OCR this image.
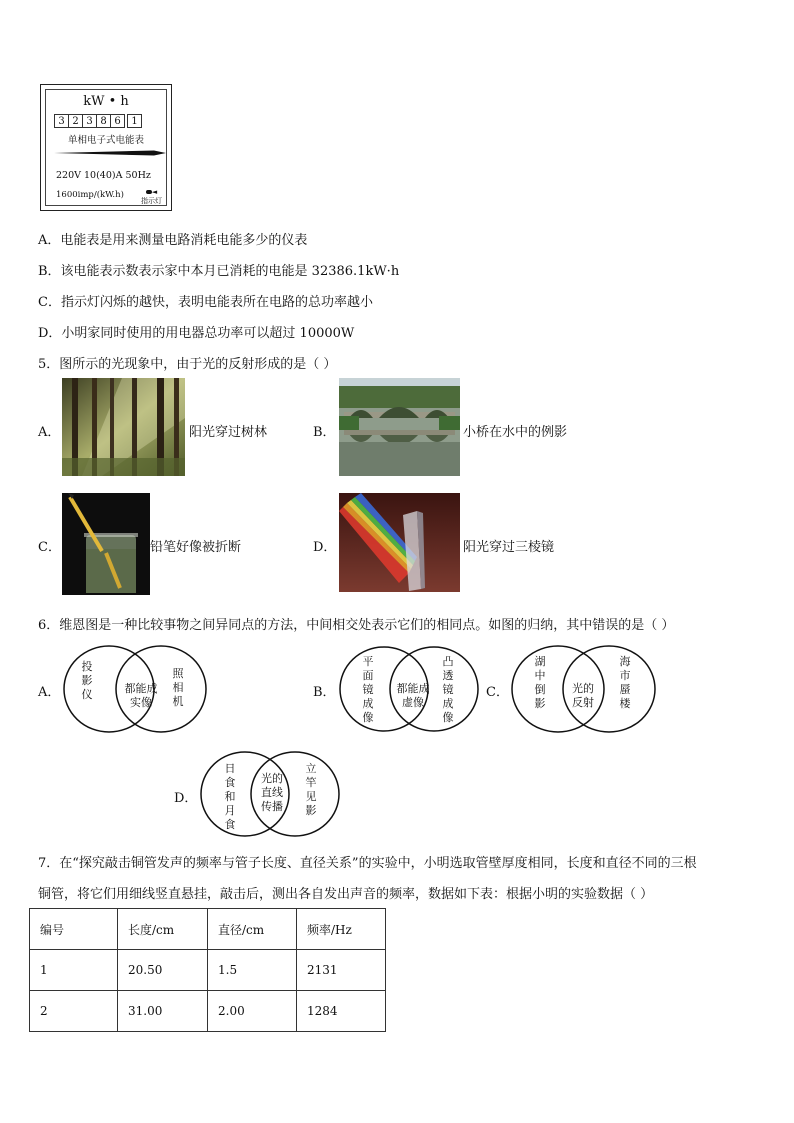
kW • h
3 2 3 8 6	1
单相电子式电能表
220V 10(40)A 50Hz
1600imp/(kW.h)	◄
指示灯
A．电能表是用来测量电路消耗电能多少的仪表
B．该电能表示数表示家中本月已消耗的电能是 32386.1kW·h
C．指示灯闪烁的越快，表明电能表所在电路的总功率越小
D．小明家同时使用的用电器总功率可以超过 10000W
5．图所示的光现象中，由于光的反射形成的是（ ）
A．	阳光穿过树林	B．	小桥在水中的例影
C．	铅笔好像被折断	D．	阳光穿过三棱镜
6．维恩图是一种比较事物之间异同点的方法，中间相交处表示它们的相同点。如图的归纳，其中错误的是（ ）
A．
投影仪	都能成
实像
照相机
B．
平面镜成像
都能成
虚像
凸透镜成像
C．
湖中倒影
光的
反射
海市蜃楼
D．
日食和月食
光的
直线
传播
立竿见影
7．在“探究敲击铜管发声的频率与管子长度、直径关系”的实验中，小明选取管壁厚度相同，长度和直径不同的三根
铜管，将它们用细线竖直悬挂，敲击后，测出各自发出声音的频率，数据如下表：根据小明的实验数据（ ）
编号	长度/cm	直径/cm	频率/Hz
1	20.50	1.5	2131
2	31.00	2.00	1284
